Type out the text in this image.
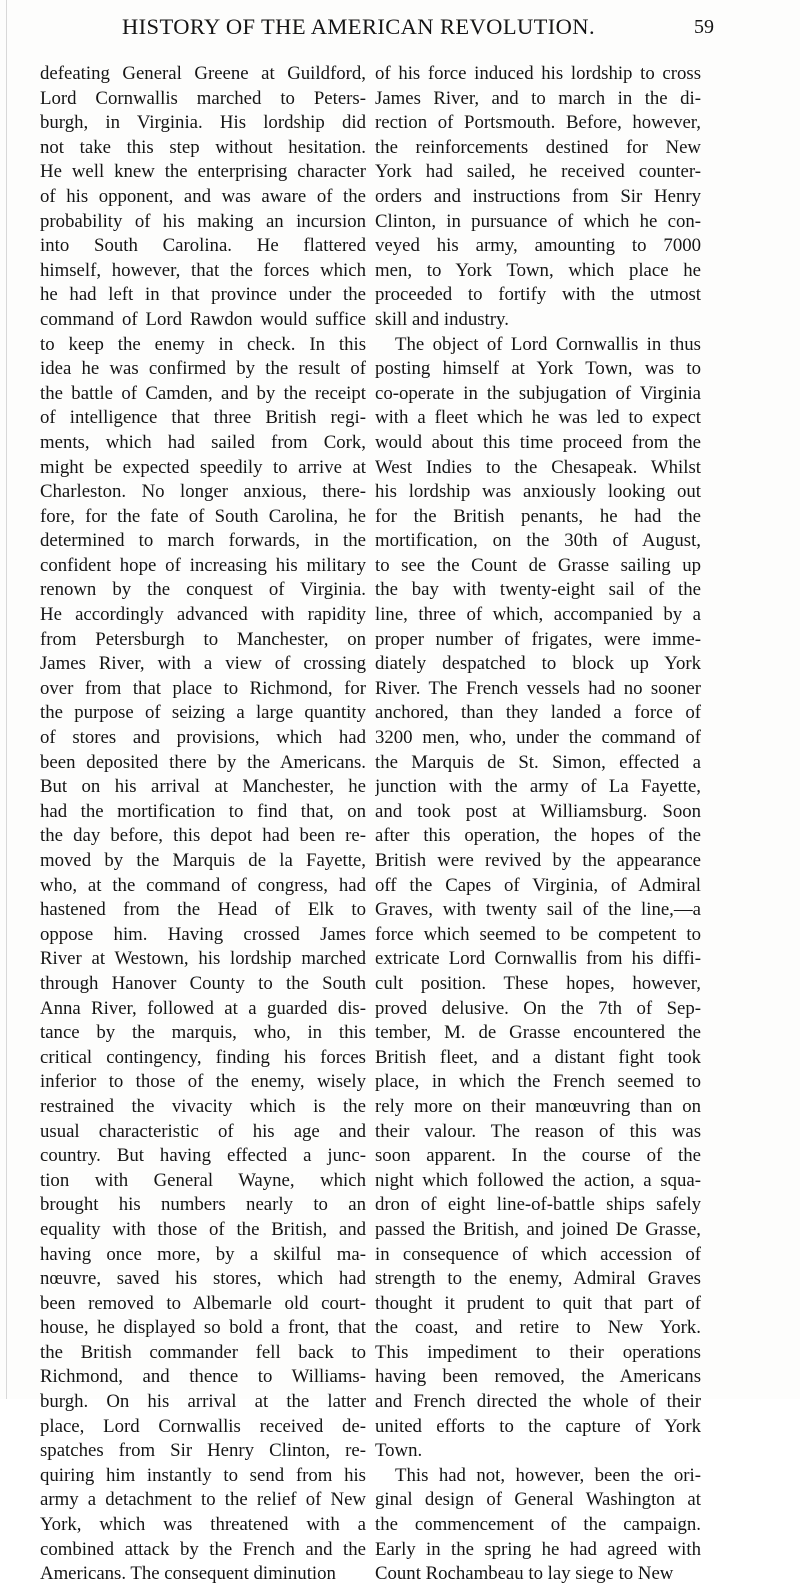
HISTORY OF THE AMERICAN REVOLUTION.	59
defeating General Greene at Guildford,
Lord Cornwallis marched to Peters-
burgh, in Virginia. His lordship did
not take this step without hesitation.
He well knew the enterprising character
of his opponent, and was aware of the
probability of his making an incursion
into South Carolina. He flattered
himself, however, that the forces which
he had left in that province under the
command of Lord Rawdon would suffice
to keep the enemy in check. In this
idea he was confirmed by the result of
the battle of Camden, and by the receipt
of intelligence that three British regi-
ments, which had sailed from Cork,
might be expected speedily to arrive at
Charleston. No longer anxious, there-
fore, for the fate of South Carolina, he
determined to march forwards, in the
confident hope of increasing his military
renown by the conquest of Virginia.
He accordingly advanced with rapidity
from Petersburgh to Manchester, on
James River, with a view of crossing
over from that place to Richmond, for
the purpose of seizing a large quantity
of stores and provisions, which had
been deposited there by the Americans.
But on his arrival at Manchester, he
had the mortification to find that, on
the day before, this depot had been re-
moved by the Marquis de la Fayette,
who, at the command of congress, had
hastened from the Head of Elk to
oppose him. Having crossed James
River at Westown, his lordship marched
through Hanover County to the South
Anna River, followed at a guarded dis-
tance by the marquis, who, in this
critical contingency, finding his forces
inferior to those of the enemy, wisely
restrained the vivacity which is the
usual characteristic of his age and
country. But having effected a junc-
tion with General Wayne, which
brought his numbers nearly to an
equality with those of the British, and
having once more, by a skilful ma-
nœuvre, saved his stores, which had
been removed to Albemarle old court-
house, he displayed so bold a front, that
the British commander fell back to
Richmond, and thence to Williams-
burgh. On his arrival at the latter
place, Lord Cornwallis received de-
spatches from Sir Henry Clinton, re-
quiring him instantly to send from his
army a detachment to the relief of New
York, which was threatened with a
combined attack by the French and the
Americans. The consequent diminution
of his force induced his lordship to cross
James River, and to march in the di-
rection of Portsmouth. Before, however,
the reinforcements destined for New
York had sailed, he received counter-
orders and instructions from Sir Henry
Clinton, in pursuance of which he con-
veyed his army, amounting to 7000
men, to York Town, which place he
proceeded to fortify with the utmost
skill and industry.
The object of Lord Cornwallis in thus
posting himself at York Town, was to
co-operate in the subjugation of Virginia
with a fleet which he was led to expect
would about this time proceed from the
West Indies to the Chesapeak. Whilst
his lordship was anxiously looking out
for the British penants, he had the
mortification, on the 30th of August,
to see the Count de Grasse sailing up
the bay with twenty-eight sail of the
line, three of which, accompanied by a
proper number of frigates, were imme-
diately despatched to block up York
River. The French vessels had no sooner
anchored, than they landed a force of
3200 men, who, under the command of
the Marquis de St. Simon, effected a
junction with the army of La Fayette,
and took post at Williamsburg. Soon
after this operation, the hopes of the
British were revived by the appearance
off the Capes of Virginia, of Admiral
Graves, with twenty sail of the line,—a
force which seemed to be competent to
extricate Lord Cornwallis from his diffi-
cult position. These hopes, however,
proved delusive. On the 7th of Sep-
tember, M. de Grasse encountered the
British fleet, and a distant fight took
place, in which the French seemed to
rely more on their manœuvring than on
their valour. The reason of this was
soon apparent. In the course of the
night which followed the action, a squa-
dron of eight line-of-battle ships safely
passed the British, and joined De Grasse,
in consequence of which accession of
strength to the enemy, Admiral Graves
thought it prudent to quit that part of
the coast, and retire to New York.
This impediment to their operations
having been removed, the Americans
and French directed the whole of their
united efforts to the capture of York
Town.
This had not, however, been the ori-
ginal design of General Washington at
the commencement of the campaign.
Early in the spring he had agreed with
Count Rochambeau to lay siege to New
